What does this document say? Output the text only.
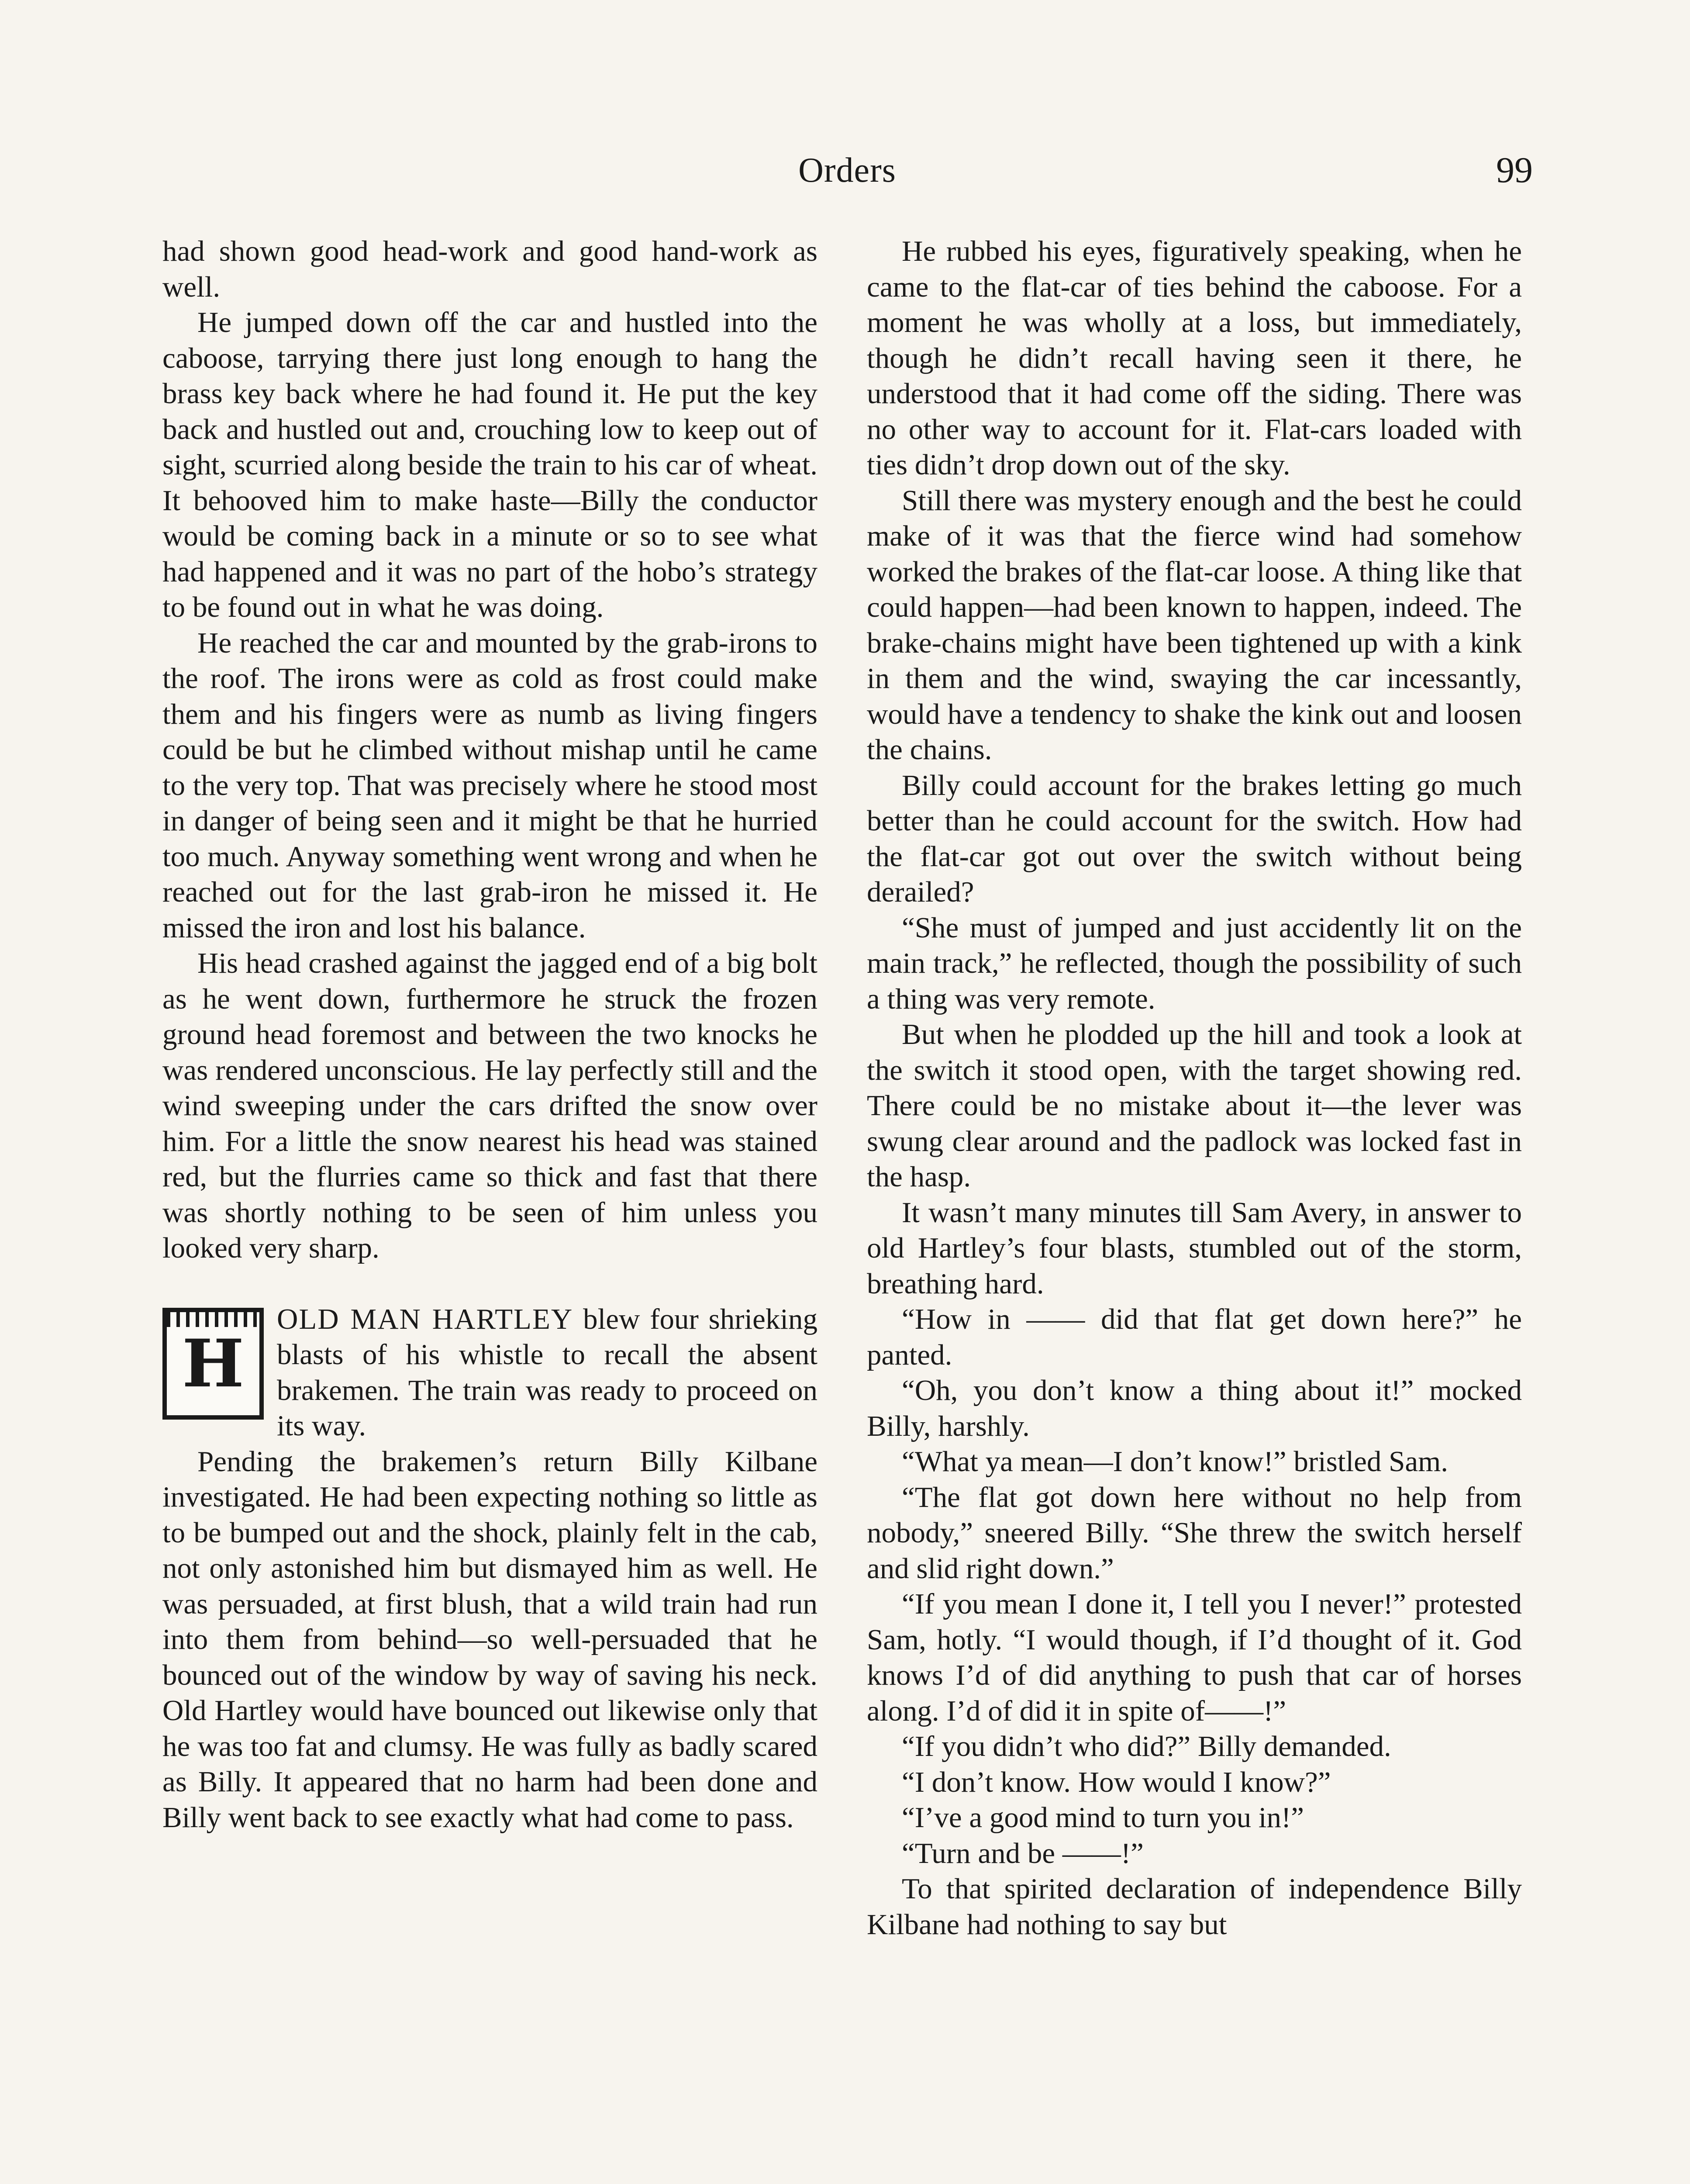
Orders	99

had shown good head-work and good hand-work as well.

He jumped down off the car and hustled into the caboose, tarrying there just long enough to hang the brass key back where he had found it. He put the key back and hustled out and, crouching low to keep out of sight, scurried along beside the train to his car of wheat. It behooved him to make haste—Billy the conductor would be coming back in a minute or so to see what had happened and it was no part of the hobo’s strategy to be found out in what he was doing.

He reached the car and mounted by the grab-irons to the roof. The irons were as cold as frost could make them and his fingers were as numb as living fingers could be but he climbed without mishap until he came to the very top. That was precisely where he stood most in danger of being seen and it might be that he hurried too much. Anyway something went wrong and when he reached out for the last grab-iron he missed it. He missed the iron and lost his balance.

His head crashed against the jagged end of a big bolt as he went down, furthermore he struck the frozen ground head foremost and between the two knocks he was rendered unconscious. He lay perfectly still and the wind sweeping under the cars drifted the snow over him. For a little the snow nearest his head was stained red, but the flurries came so thick and fast that there was shortly nothing to be seen of him unless you looked very sharp.

H
OLD MAN HARTLEY blew four shrieking blasts of his whistle to recall the absent brakemen. The train was ready to proceed on its way.

Pending the brakemen’s return Billy Kilbane investigated. He had been expecting nothing so little as to be bumped out and the shock, plainly felt in the cab, not only astonished him but dismayed him as well. He was persuaded, at first blush, that a wild train had run into them from behind—so well-persuaded that he bounced out of the window by way of saving his neck. Old Hartley would have bounced out likewise only that he was too fat and clumsy. He was fully as badly scared as Billy. It appeared that no harm had been done and Billy went back to see exactly what had come to pass.

He rubbed his eyes, figuratively speaking, when he came to the flat-car of ties behind the caboose. For a moment he was wholly at a loss, but immediately, though he didn’t recall having seen it there, he understood that it had come off the siding. There was no other way to account for it. Flat-cars loaded with ties didn’t drop down out of the sky.

Still there was mystery enough and the best he could make of it was that the fierce wind had somehow worked the brakes of the flat-car loose. A thing like that could happen—had been known to happen, indeed. The brake-chains might have been tightened up with a kink in them and the wind, swaying the car incessantly, would have a tendency to shake the kink out and loosen the chains.

Billy could account for the brakes letting go much better than he could account for the switch. How had the flat-car got out over the switch without being derailed?

“She must of jumped and just accidently lit on the main track,” he reflected, though the possibility of such a thing was very remote.

But when he plodded up the hill and took a look at the switch it stood open, with the target showing red. There could be no mistake about it—the lever was swung clear around and the padlock was locked fast in the hasp.

It wasn’t many minutes till Sam Avery, in answer to old Hartley’s four blasts, stumbled out of the storm, breathing hard.

“How in —— did that flat get down here?” he panted.

“Oh, you don’t know a thing about it!” mocked Billy, harshly.

“What ya mean—I don’t know!” bristled Sam.

“The flat got down here without no help from nobody,” sneered Billy. “She threw the switch herself and slid right down.”

“If you mean I done it, I tell you I never!” protested Sam, hotly. “I would though, if I’d thought of it. God knows I’d of did anything to push that car of horses along. I’d of did it in spite of——!”

“If you didn’t who did?” Billy demanded.

“I don’t know. How would I know?”

“I’ve a good mind to turn you in!”

“Turn and be ——!”

To that spirited declaration of independence Billy Kilbane had nothing to say but
